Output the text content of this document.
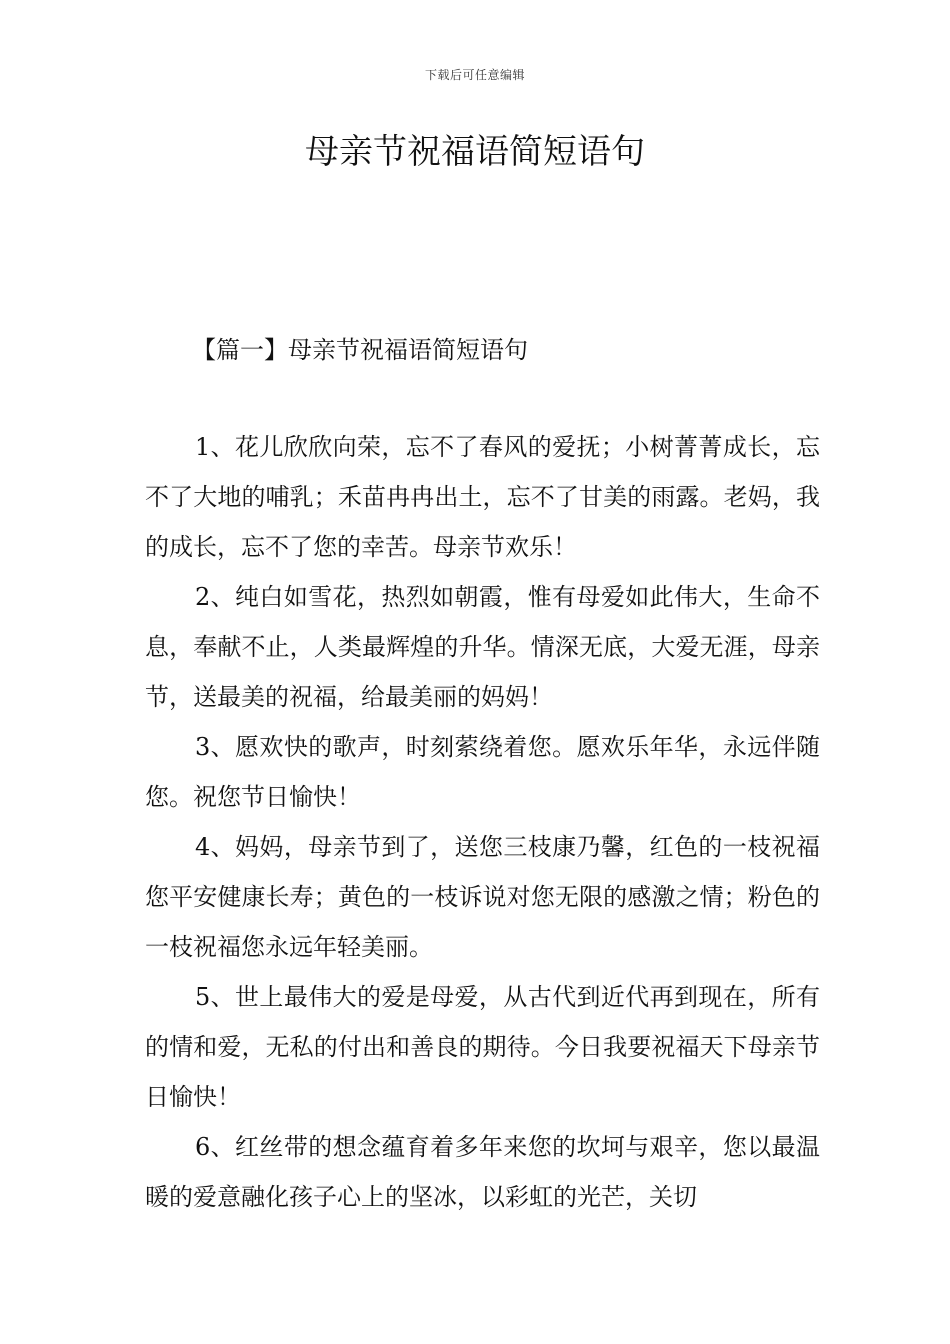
下载后可任意编辑
母亲节祝福语简短语句
【篇一】母亲节祝福语简短语句

1、花儿欣欣向荣，忘不了春风的爱抚；小树菁菁成长，忘不了大地的哺乳；禾苗冉冉出土，忘不了甘美的雨露。老妈，我的成长，忘不了您的幸苦。母亲节欢乐！

2、纯白如雪花，热烈如朝霞，惟有母爱如此伟大，生命不息，奉献不止，人类最辉煌的升华。情深无底，大爱无涯，母亲节，送最美的祝福，给最美丽的妈妈！

3、愿欢快的歌声，时刻萦绕着您。愿欢乐年华，永远伴随您。祝您节日愉快！

4、妈妈，母亲节到了，送您三枝康乃馨，红色的一枝祝福您平安健康长寿；黄色的一枝诉说对您无限的感激之情；粉色的一枝祝福您永远年轻美丽。

5、世上最伟大的爱是母爱，从古代到近代再到现在，所有的情和爱，无私的付出和善良的期待。今日我要祝福天下母亲节日愉快！

6、红丝带的想念蕴育着多年来您的坎坷与艰辛，您以最温暖的爱意融化孩子心上的坚冰，以彩虹的光芒，关切
